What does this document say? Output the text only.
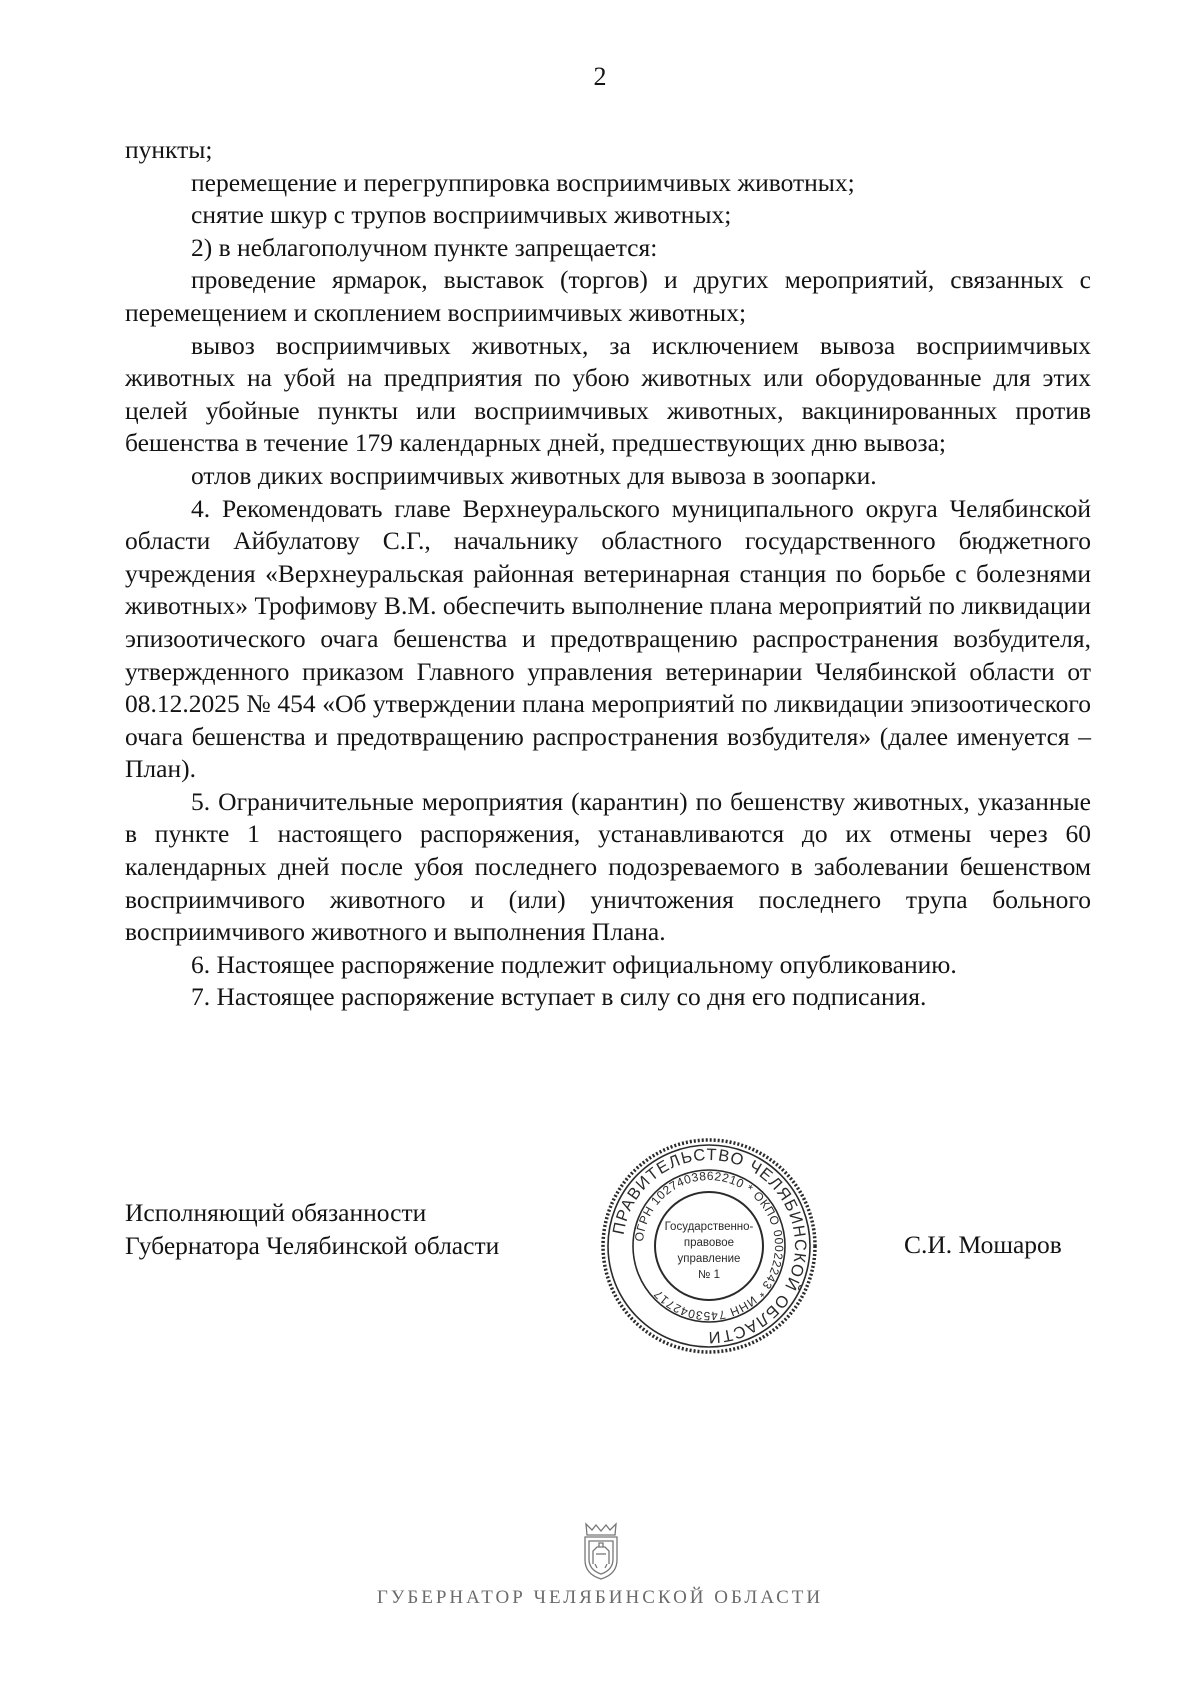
2

пункты;

перемещение и перегруппировка восприимчивых животных;

снятие шкур с трупов восприимчивых животных;

2) в неблагополучном пункте запрещается:

проведение ярмарок, выставок (торгов) и других мероприятий, связанных с перемещением и скоплением восприимчивых животных;

вывоз восприимчивых животных, за исключением вывоза восприимчивых животных на убой на предприятия по убою животных или оборудованные для этих целей убойные пункты или восприимчивых животных, вакцинированных против бешенства в течение 179 календарных дней, предшествующих дню вывоза;

отлов диких восприимчивых животных для вывоза в зоопарки.

4. Рекомендовать главе Верхнеуральского муниципального округа Челябинской области Айбулатову С.Г., начальнику областного государственного бюджетного учреждения «Верхнеуральская районная ветеринарная станция по борьбе с болезнями животных» Трофимову В.М. обеспечить выполнение плана мероприятий по ликвидации эпизоотического очага бешенства и предотвращению распространения возбудителя, утвержденного приказом Главного управления ветеринарии Челябинской области от 08.12.2025 № 454 «Об утверждении плана мероприятий по ликвидации эпизоотического очага бешенства и предотвращению распространения возбудителя» (далее именуется – План).

5. Ограничительные мероприятия (карантин) по бешенству животных, указанные в пункте 1 настоящего распоряжения, устанавливаются до их отмены через 60 календарных дней после убоя последнего подозреваемого в заболевании бешенством восприимчивого животного и (или) уничтожения последнего трупа больного восприимчивого животного и выполнения Плана.

6. Настоящее распоряжение подлежит официальному опубликованию.

7. Настоящее распоряжение вступает в силу со дня его подписания.

Исполняющий обязанности
Губернатора Челябинской области	С.И. Мошаров
ПРАВИТЕЛЬСТВО ЧЕЛЯБИНСКОЙ ОБЛАСТИ
ОГРН 1027403862210 * ОКПО 00022243 * ИНН 7453042717
Государственно-
правовое
управление
№ 1
ГУБЕРНАТОР ЧЕЛЯБИНСКОЙ ОБЛАСТИ
